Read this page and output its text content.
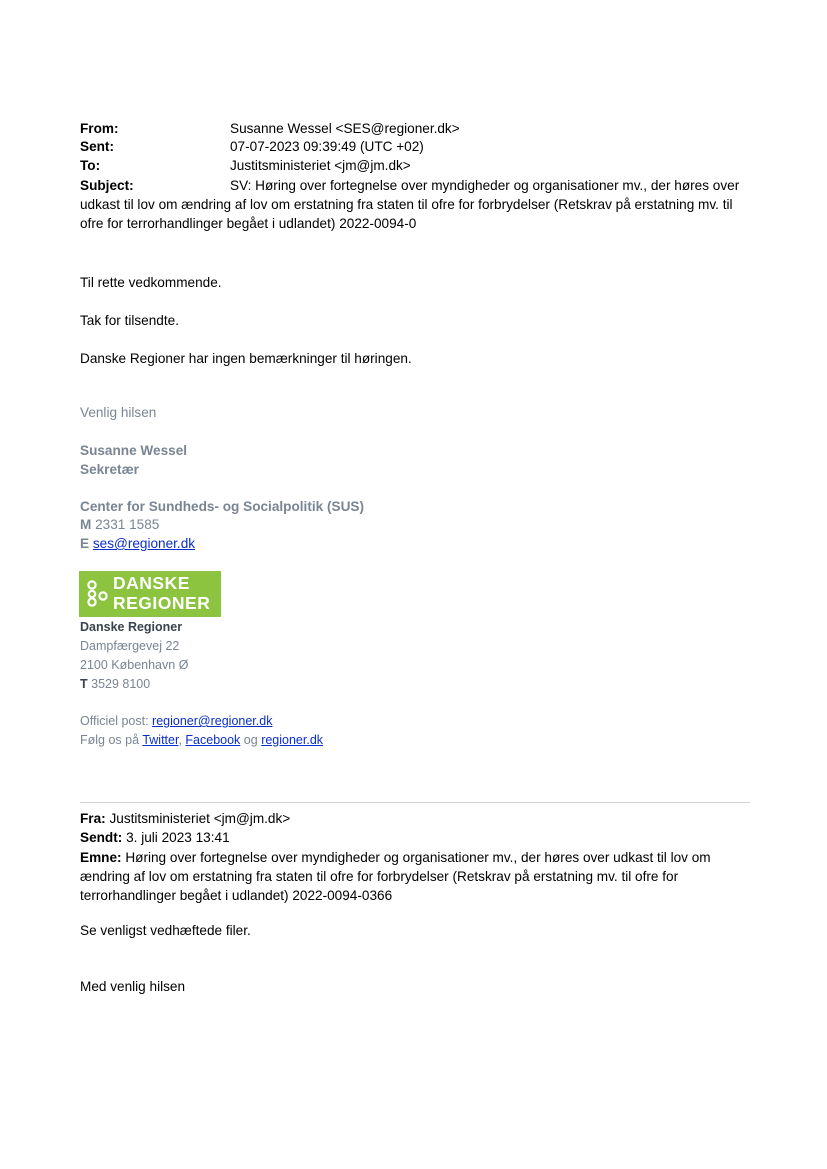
From:	Susanne Wessel <SES@regioner.dk>
Sent:	07-07-2023 09:39:49 (UTC +02)
To:	Justitsministeriet <jm@jm.dk>
Subject:	SV: Høring over fortegnelse over myndigheder og organisationer mv., der høres over udkast til lov om ændring af lov om erstatning fra staten til ofre for forbrydelser (Retskrav på erstatning mv. til ofre for terrorhandlinger begået i udlandet) 2022-0094-0
Til rette vedkommende.
Tak for tilsendte.
Danske Regioner har ingen bemærkninger til høringen.
Venlig hilsen
Susanne Wessel
Sekretær
Center for Sundheds- og Socialpolitik (SUS)
M 2331 1585
E ses@regioner.dk
DANSKE
REGIONER
Danske Regioner
Dampfærgevej 22
2100 København Ø
T 3529 8100
Officiel post: regioner@regioner.dk
Følg os på Twitter, Facebook og regioner.dk
Fra: Justitsministeriet <jm@jm.dk>
Sendt: 3. juli 2023 13:41
Emne: Høring over fortegnelse over myndigheder og organisationer mv., der høres over udkast til lov om ændring af lov om erstatning fra staten til ofre for forbrydelser (Retskrav på erstatning mv. til ofre for terrorhandlinger begået i udlandet) 2022-0094-0366
Se venligst vedhæftede filer.
Med venlig hilsen
